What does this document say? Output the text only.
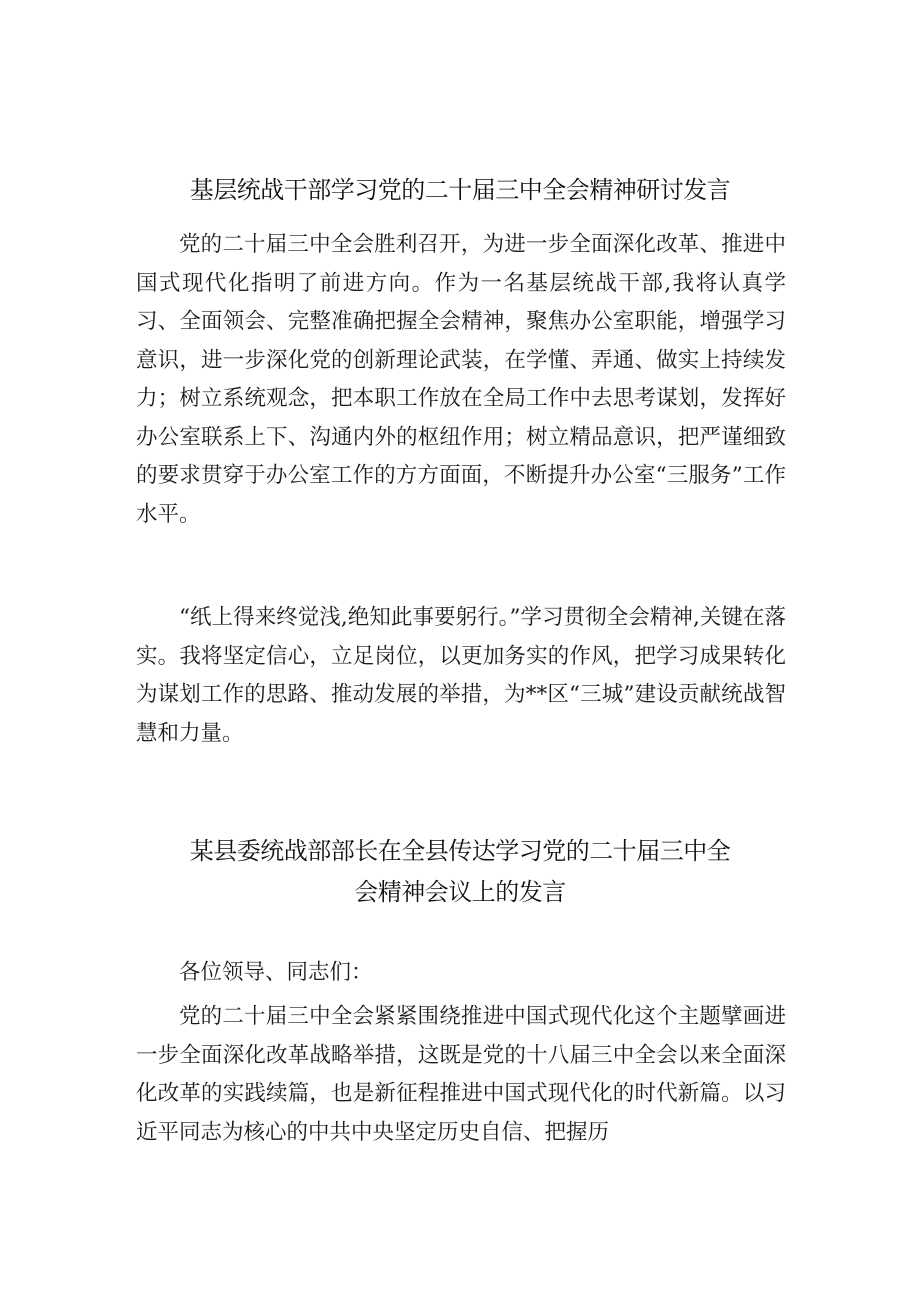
基层统战干部学习党的二十届三中全会精神研讨发言
党的二十届三中全会胜利召开，为进一步全面深化改革、推进中国式现代化指明了前进方向。作为一名基层统战干部,我将认真学习、全面领会、完整准确把握全会精神，聚焦办公室职能，增强学习意识，进一步深化党的创新理论武装，在学懂、弄通、做实上持续发力；树立系统观念，把本职工作放在全局工作中去思考谋划，发挥好办公室联系上下、沟通内外的枢纽作用；树立精品意识，把严谨细致的要求贯穿于办公室工作的方方面面，不断提升办公室“三服务”工作水平。
“纸上得来终觉浅,绝知此事要躬行。”学习贯彻全会精神,关键在落实。我将坚定信心，立足岗位，以更加务实的作风，把学习成果转化为谋划工作的思路、推动发展的举措，为**区“三城”建设贡献统战智慧和力量。
某县委统战部部长在全县传达学习党的二十届三中全
会精神会议上的发言
各位领导、同志们：
党的二十届三中全会紧紧围绕推进中国式现代化这个主题擘画进一步全面深化改革战略举措，这既是党的十八届三中全会以来全面深化改革的实践续篇，也是新征程推进中国式现代化的时代新篇。以习近平同志为核心的中共中央坚定历史自信、把握历
